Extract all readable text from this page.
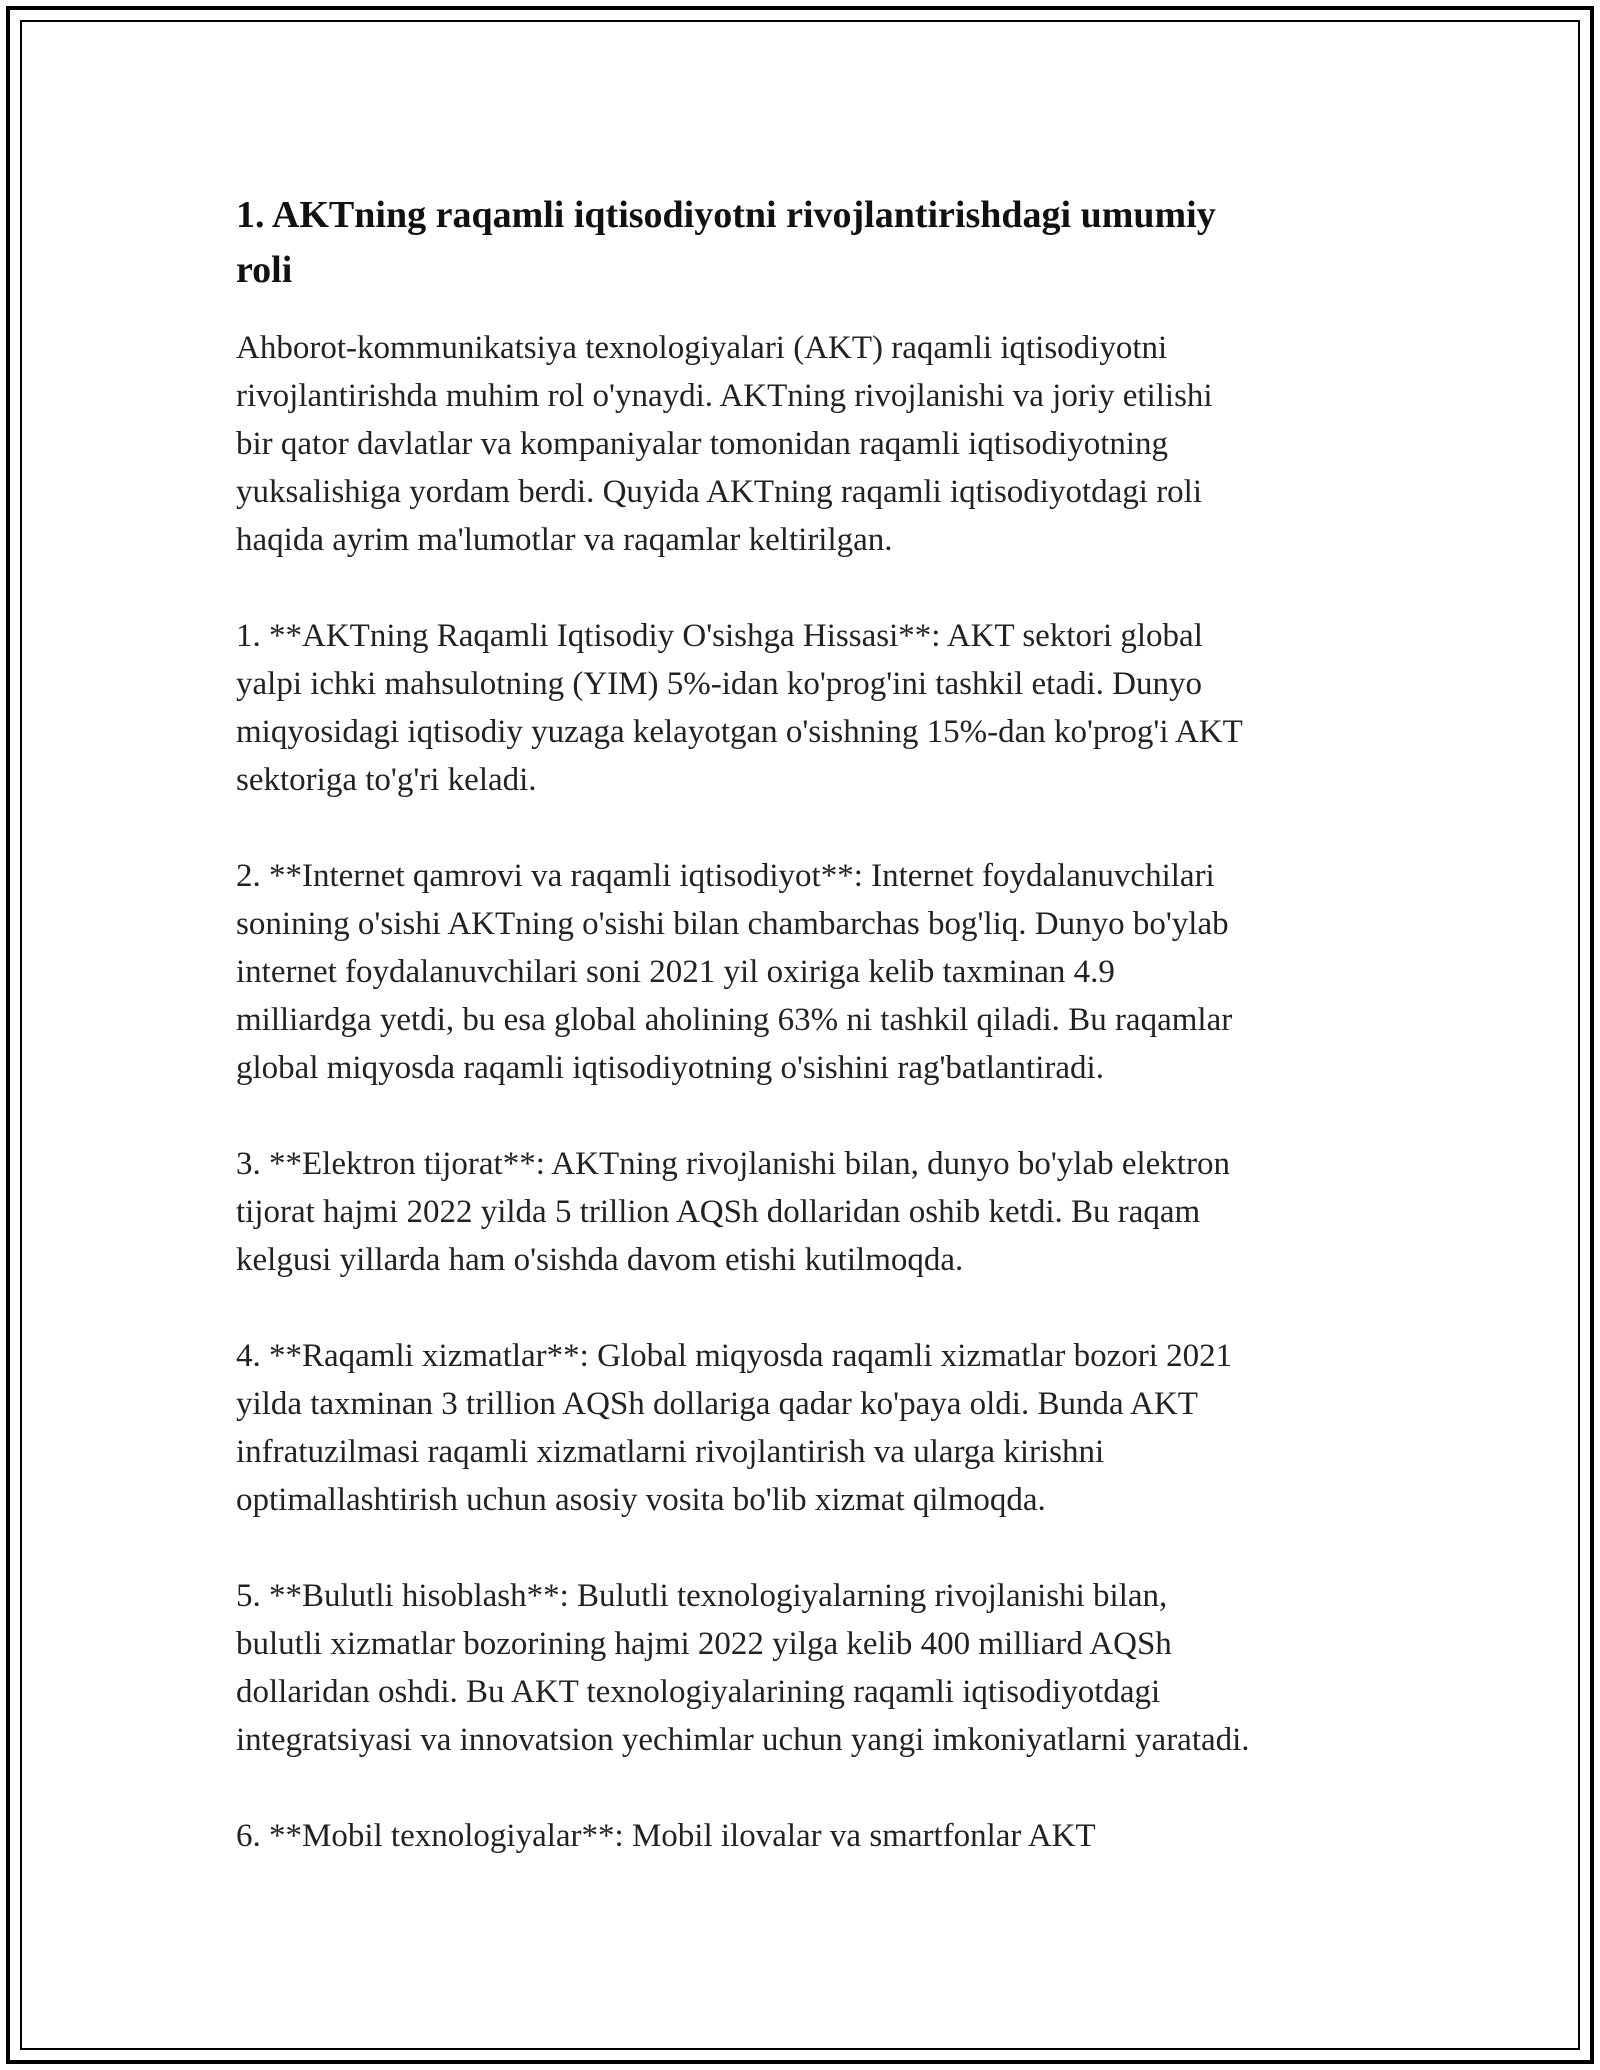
1. AKTning raqamli iqtisodiyotni rivojlantirishdagi umumiy
roli

Ahborot-kommunikatsiya texnologiyalari (AKT) raqamli iqtisodiyotni
rivojlantirishda muhim rol o'ynaydi. AKTning rivojlanishi va joriy etilishi
bir qator davlatlar va kompaniyalar tomonidan raqamli iqtisodiyotning
yuksalishiga yordam berdi. Quyida AKTning raqamli iqtisodiyotdagi roli
haqida ayrim ma'lumotlar va raqamlar keltirilgan.

1. **AKTning Raqamli Iqtisodiy O'sishga Hissasi**: AKT sektori global
yalpi ichki mahsulotning (YIM) 5%-idan ko'prog'ini tashkil etadi. Dunyo
miqyosidagi iqtisodiy yuzaga kelayotgan o'sishning 15%-dan ko'prog'i AKT
sektoriga to'g'ri keladi.

2. **Internet qamrovi va raqamli iqtisodiyot**: Internet foydalanuvchilari
sonining o'sishi AKTning o'sishi bilan chambarchas bog'liq. Dunyo bo'ylab
internet foydalanuvchilari soni 2021 yil oxiriga kelib taxminan 4.9
milliardga yetdi, bu esa global aholining 63% ni tashkil qiladi. Bu raqamlar
global miqyosda raqamli iqtisodiyotning o'sishini rag'batlantiradi.

3. **Elektron tijorat**: AKTning rivojlanishi bilan, dunyo bo'ylab elektron
tijorat hajmi 2022 yilda 5 trillion AQSh dollaridan oshib ketdi. Bu raqam
kelgusi yillarda ham o'sishda davom etishi kutilmoqda.

4. **Raqamli xizmatlar**: Global miqyosda raqamli xizmatlar bozori 2021
yilda taxminan 3 trillion AQSh dollariga qadar ko'paya oldi. Bunda AKT
infratuzilmasi raqamli xizmatlarni rivojlantirish va ularga kirishni
optimallashtirish uchun asosiy vosita bo'lib xizmat qilmoqda.

5. **Bulutli hisoblash**: Bulutli texnologiyalarning rivojlanishi bilan,
bulutli xizmatlar bozorining hajmi 2022 yilga kelib 400 milliard AQSh
dollaridan oshdi. Bu AKT texnologiyalarining raqamli iqtisodiyotdagi
integratsiyasi va innovatsion yechimlar uchun yangi imkoniyatlarni yaratadi.

6. **Mobil texnologiyalar**: Mobil ilovalar va smartfonlar AKT
